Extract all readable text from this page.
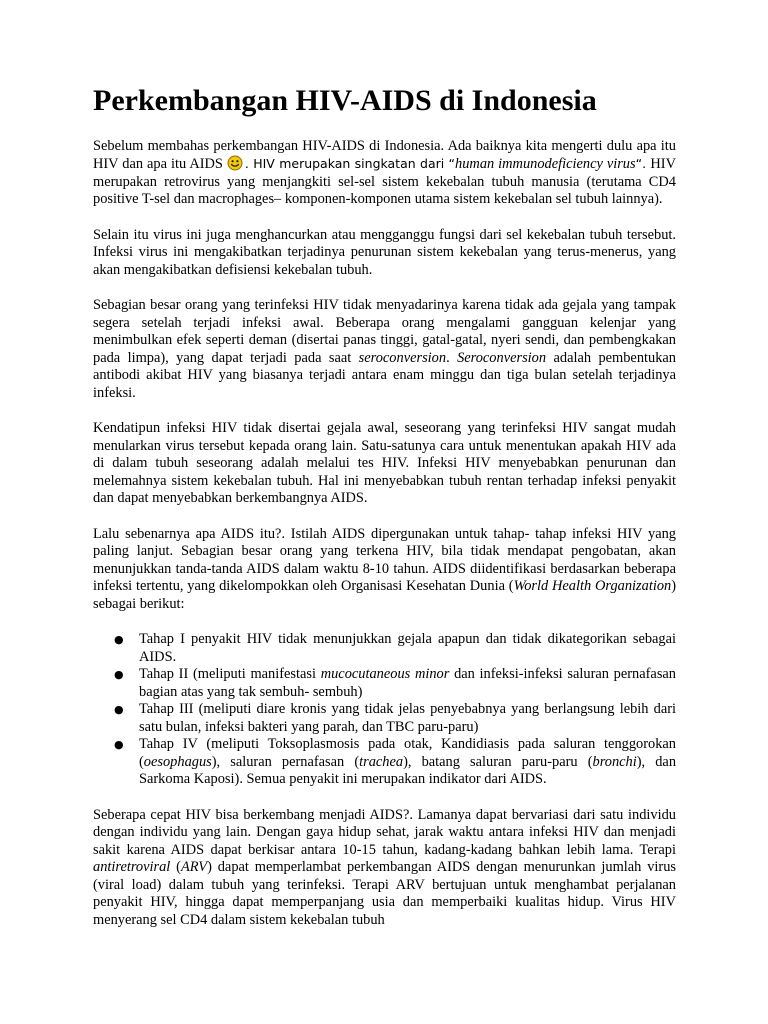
Perkembangan HIV-AIDS di Indonesia

Sebelum membahas perkembangan HIV-AIDS di Indonesia. Ada baiknya kita mengerti dulu apa itu HIV dan apa itu AIDS . HIV merupakan singkatan dari “human immunodeficiency virus“. HIV merupakan retrovirus yang menjangkiti sel-sel sistem kekebalan tubuh manusia (terutama CD4 positive T-sel dan macrophages– komponen-komponen utama sistem kekebalan sel tubuh lainnya).

Selain itu virus ini juga menghancurkan atau mengganggu fungsi dari sel kekebalan tubuh tersebut. Infeksi virus ini mengakibatkan terjadinya penurunan sistem kekebalan yang terus-menerus, yang akan mengakibatkan defisiensi kekebalan tubuh.

Sebagian besar orang yang terinfeksi HIV tidak menyadarinya karena tidak ada gejala yang tampak segera setelah terjadi infeksi awal. Beberapa orang mengalami gangguan kelenjar yang menimbulkan efek seperti deman (disertai panas tinggi, gatal-gatal, nyeri sendi, dan pembengkakan pada limpa), yang dapat terjadi pada saat seroconversion. Seroconversion adalah pembentukan antibodi akibat HIV yang biasanya terjadi antara enam minggu dan tiga bulan setelah terjadinya infeksi.

Kendatipun infeksi HIV tidak disertai gejala awal, seseorang yang terinfeksi HIV sangat mudah menularkan virus tersebut kepada orang lain. Satu-satunya cara untuk menentukan apakah HIV ada di dalam tubuh seseorang adalah melalui tes HIV. Infeksi HIV menyebabkan penurunan dan melemahnya sistem kekebalan tubuh. Hal ini menyebabkan tubuh rentan terhadap infeksi penyakit dan dapat menyebabkan berkembangnya AIDS.

Lalu sebenarnya apa AIDS itu?. Istilah AIDS dipergunakan untuk tahap- tahap infeksi HIV yang paling lanjut. Sebagian besar orang yang terkena HIV, bila tidak mendapat pengobatan, akan menunjukkan tanda-tanda AIDS dalam waktu 8-10 tahun. AIDS diidentifikasi berdasarkan beberapa infeksi tertentu, yang dikelompokkan oleh Organisasi Kesehatan Dunia (World Health Organization) sebagai berikut:

● Tahap I penyakit HIV tidak menunjukkan gejala apapun dan tidak dikategorikan sebagai AIDS.
● Tahap II (meliputi manifestasi mucocutaneous minor dan infeksi-infeksi saluran pernafasan bagian atas yang tak sembuh- sembuh)
● Tahap III (meliputi diare kronis yang tidak jelas penyebabnya yang berlangsung lebih dari satu bulan, infeksi bakteri yang parah, dan TBC paru-paru)
● Tahap IV (meliputi Toksoplasmosis pada otak, Kandidiasis pada saluran tenggorokan (oesophagus), saluran pernafasan (trachea), batang saluran paru-paru (bronchi), dan Sarkoma Kaposi). Semua penyakit ini merupakan indikator dari AIDS.

Seberapa cepat HIV bisa berkembang menjadi AIDS?. Lamanya dapat bervariasi dari satu individu dengan individu yang lain. Dengan gaya hidup sehat, jarak waktu antara infeksi HIV dan menjadi sakit karena AIDS dapat berkisar antara 10-15 tahun, kadang-kadang bahkan lebih lama. Terapi antiretroviral (ARV) dapat memperlambat perkembangan AIDS dengan menurunkan jumlah virus (viral load) dalam tubuh yang terinfeksi. Terapi ARV bertujuan untuk menghambat perjalanan penyakit HIV, hingga dapat memperpanjang usia dan memperbaiki kualitas hidup. Virus HIV menyerang sel CD4 dalam sistem kekebalan tubuh
